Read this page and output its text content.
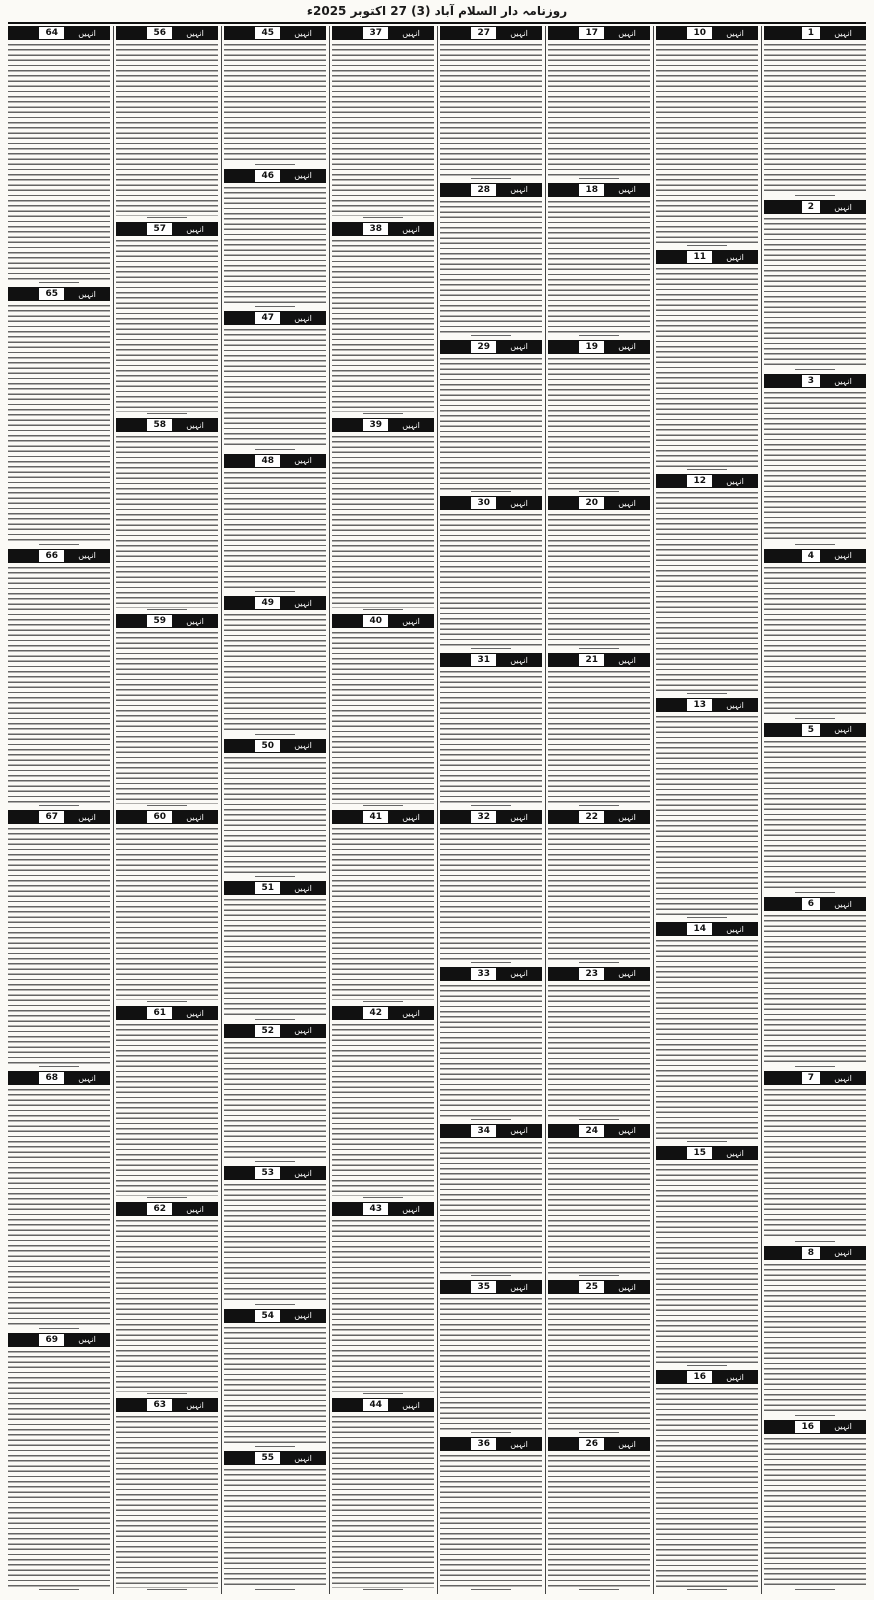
روزنامہ دار السلام آباد (3) 27 اکتوبر 2025ء
انہیں
1
انہیں
2
انہیں
3
انہیں
4
انہیں
5
انہیں
6
انہیں
7
انہیں
8
انہیں
16
انہیں
10
انہیں
11
انہیں
12
انہیں
13
انہیں
14
انہیں
15
انہیں
16
انہیں
17
انہیں
18
انہیں
19
انہیں
20
انہیں
21
انہیں
22
انہیں
23
انہیں
24
انہیں
25
انہیں
26
انہیں
27
انہیں
28
انہیں
29
انہیں
30
انہیں
31
انہیں
32
انہیں
33
انہیں
34
انہیں
35
انہیں
36
انہیں
37
انہیں
38
انہیں
39
انہیں
40
انہیں
41
انہیں
42
انہیں
43
انہیں
44
انہیں
45
انہیں
46
انہیں
47
انہیں
48
انہیں
49
انہیں
50
انہیں
51
انہیں
52
انہیں
53
انہیں
54
انہیں
55
انہیں
56
انہیں
57
انہیں
58
انہیں
59
انہیں
60
انہیں
61
انہیں
62
انہیں
63
انہیں
64
انہیں
65
انہیں
66
انہیں
67
انہیں
68
انہیں
69
